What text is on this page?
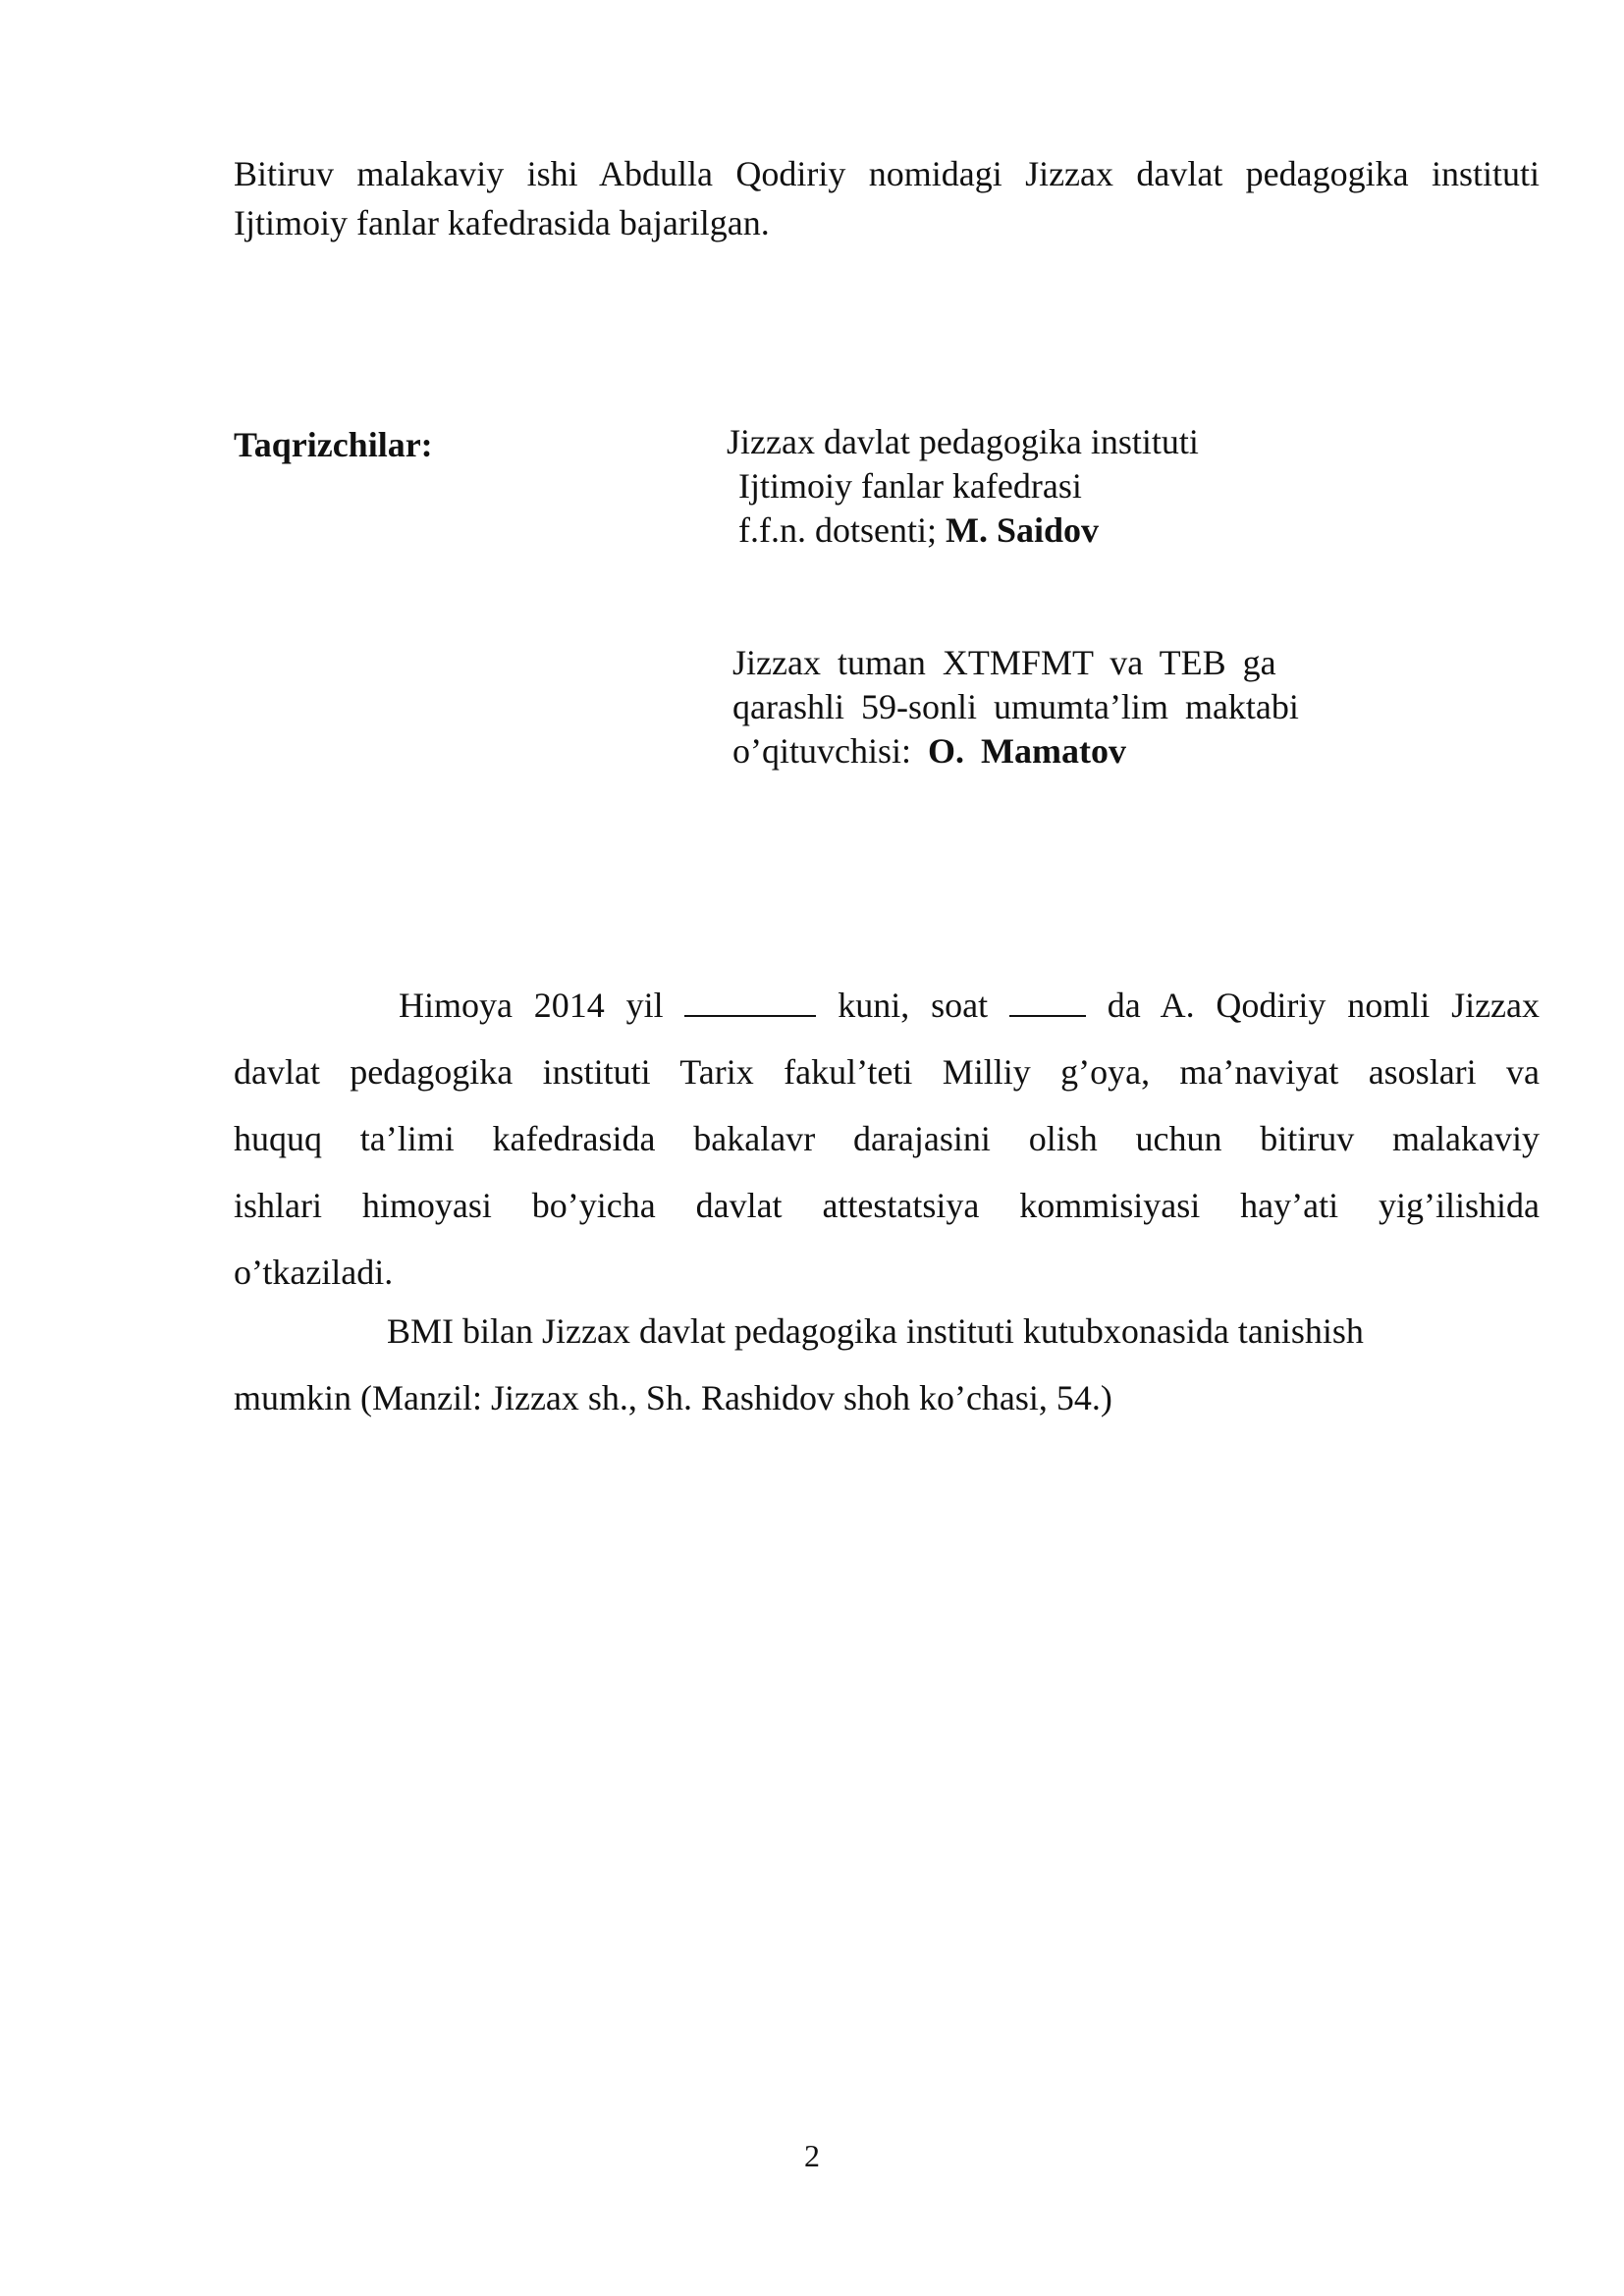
Bitiruv malakaviy ishi Abdulla Qodiriy nomidagi Jizzax davlat pedagogika instituti
Ijtimoiy fanlar kafedrasida bajarilgan.
Taqrizchilar:	Jizzax davlat pedagogika instituti
Ijtimoiy fanlar kafedrasi
f.f.n. dotsenti; M. Saidov
Jizzax tuman XTMFMT va TEB ga
qarashli 59-sonli umumta’lim maktabi
o’qituvchisi: O. Mamatov
Himoya 2014 yil	kuni, soat	da A. Qodiriy nomli Jizzax
davlat pedagogika instituti Tarix fakul’teti Milliy g’oya, ma’naviyat asoslari va
huquq ta’limi kafedrasida bakalavr darajasini olish uchun bitiruv malakaviy
ishlari himoyasi bo’yicha davlat attestatsiya kommisiyasi hay’ati yig’ilishida
o’tkaziladi.
BMI bilan Jizzax davlat pedagogika instituti kutubxonasida tanishish
mumkin (Manzil: Jizzax sh., Sh. Rashidov shoh ko’chasi, 54.)
2
